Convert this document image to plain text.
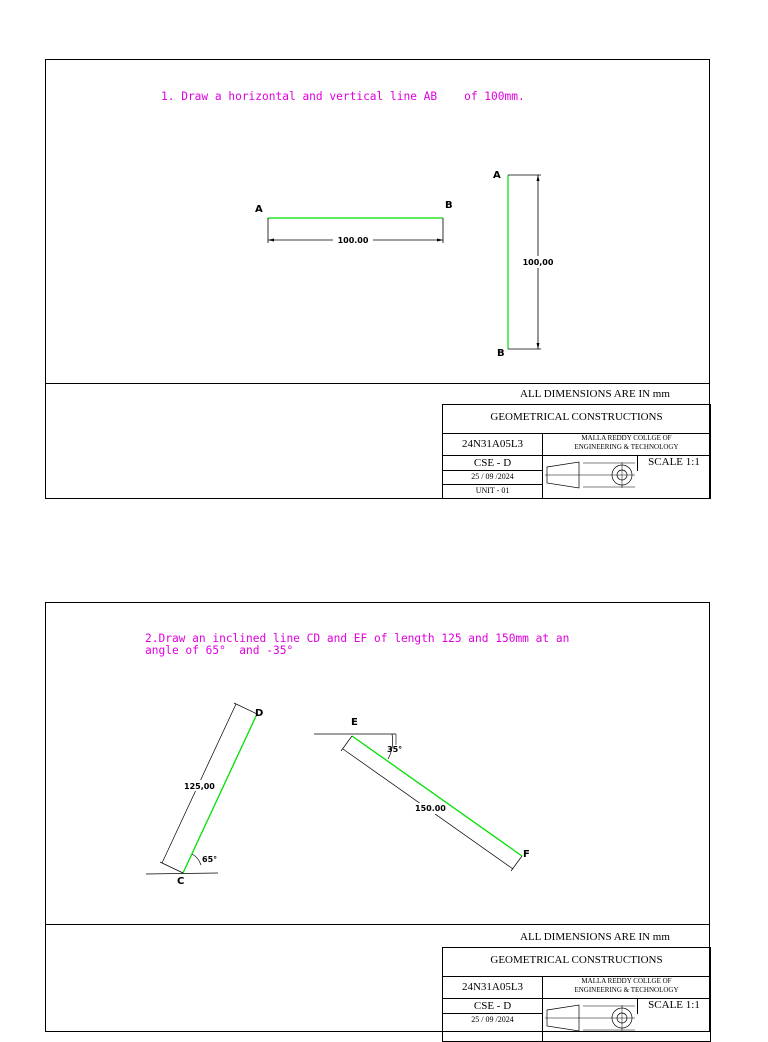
1. Draw a horizontal and vertical line AB    of 100mm.
100.00
A	B
100,00
A
B
ALL DIMENSIONS ARE IN mm
GEOMETRICAL CONSTRUCTIONS
24N31A05L3	MALLA REDDY COLLGE OF
ENGINEERING & TECHNOLOGY
CSE - D	SCALE 1:1
25 / 09 /2024
UNIT - 01
2.Draw an inclined line CD and EF of length 125 and 150mm at an
angle of 65°  and -35°
125,00
65°
C
D
150.00
35°
E
F
ALL DIMENSIONS ARE IN mm
GEOMETRICAL CONSTRUCTIONS
24N31A05L3	MALLA REDDY COLLGE OF
ENGINEERING & TECHNOLOGY
CSE - D	SCALE 1:1
25 / 09 /2024
